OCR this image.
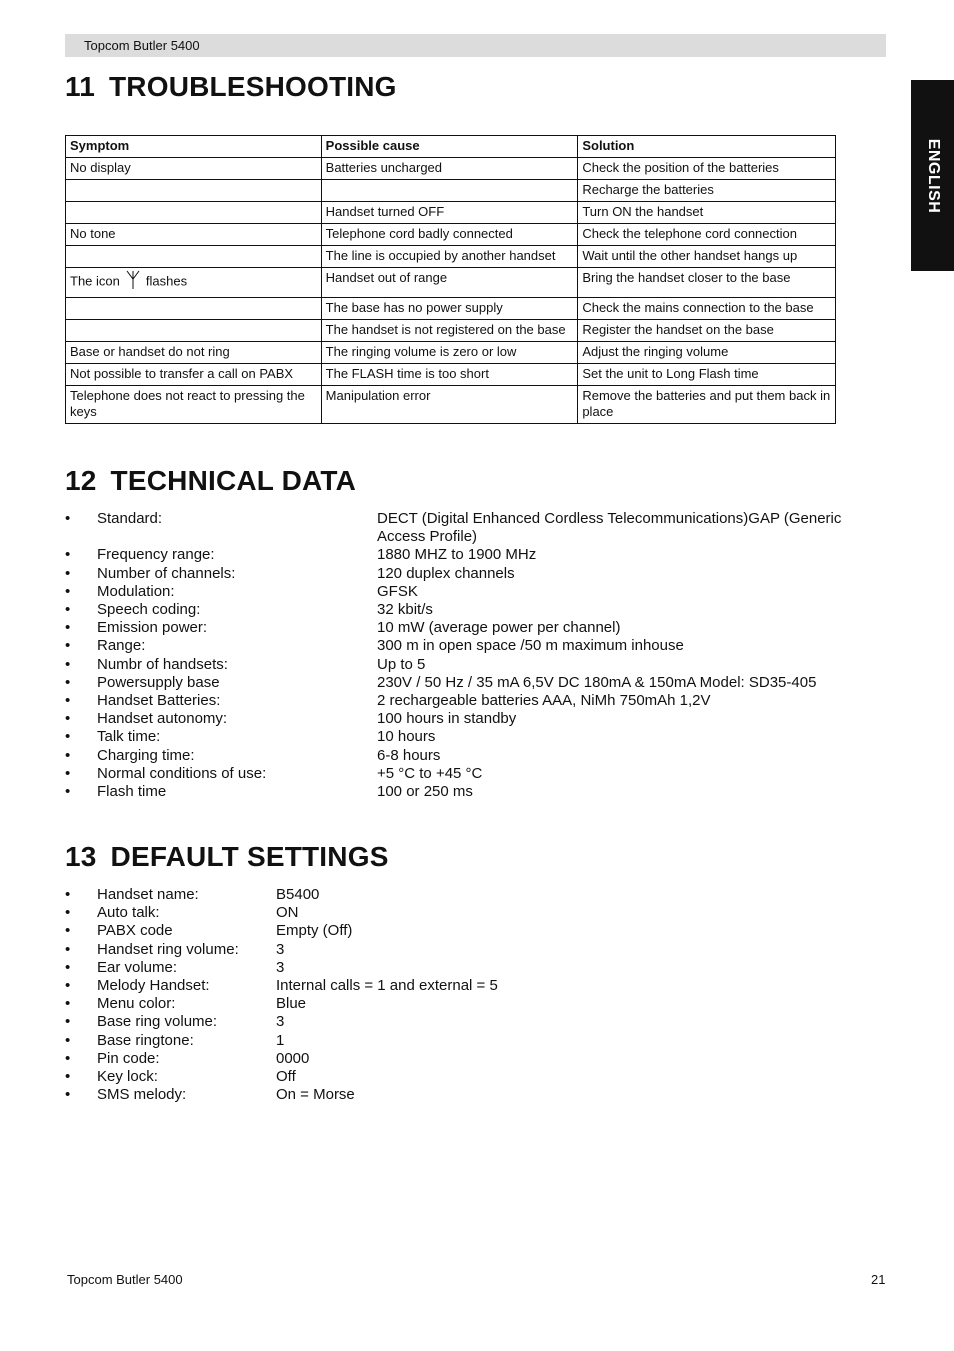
Topcom Butler 5400
ENGLISH
11 TROUBLESHOOTING
Symptom	Possible cause	Solution
No display	Batteries uncharged	Check the position of the batteries
		Recharge the batteries
	Handset turned OFF	Turn ON the handset
No tone	Telephone cord badly connected	Check the telephone cord connection
	The line is occupied by another handset	Wait until the other handset hangs up
The icon flashes	Handset out of range	Bring the handset closer to the base
	The base has no power supply	Check the mains connection to the base
	The handset is not registered on the base	Register the handset on the base
Base or handset do not ring	The ringing volume is zero or low	Adjust the ringing volume
Not possible to transfer a call on PABX	The FLASH time is too short	Set the unit to Long Flash time
Telephone does not react to pressing the keys	Manipulation error	Remove the batteries and put them back in place
12 TECHNICAL DATA
• Standard:	DECT (Digital Enhanced Cordless Telecommunications)GAP (Generic Access Profile)
• Frequency range:	1880 MHZ to 1900 MHz
• Number of channels:	120 duplex channels
• Modulation:	GFSK
• Speech coding:	32 kbit/s
• Emission power:	10 mW (average power per channel)
• Range:	300 m in open space /50 m maximum inhouse
• Numbr of handsets:	Up to 5
• Powersupply base	230V / 50 Hz / 35 mA 6,5V DC 180mA & 150mA Model: SD35-405
• Handset Batteries:	2 rechargeable batteries AAA, NiMh 750mAh 1,2V
• Handset autonomy:	100 hours in standby
• Talk time:	10 hours
• Charging time:	6-8 hours
• Normal conditions of use:	+5 °C to +45 °C
• Flash time	100 or 250 ms
13 DEFAULT SETTINGS
• Handset name:	B5400
• Auto talk:	ON
• PABX code	Empty (Off)
• Handset ring volume: 3
• Ear volume:	3
• Melody Handset:	Internal calls = 1 and external = 5
• Menu color:	Blue
• Base ring volume:	3
• Base ringtone:	1
• Pin code:	0000
• Key lock:	Off
• SMS melody:	On = Morse
Topcom Butler 5400	21
